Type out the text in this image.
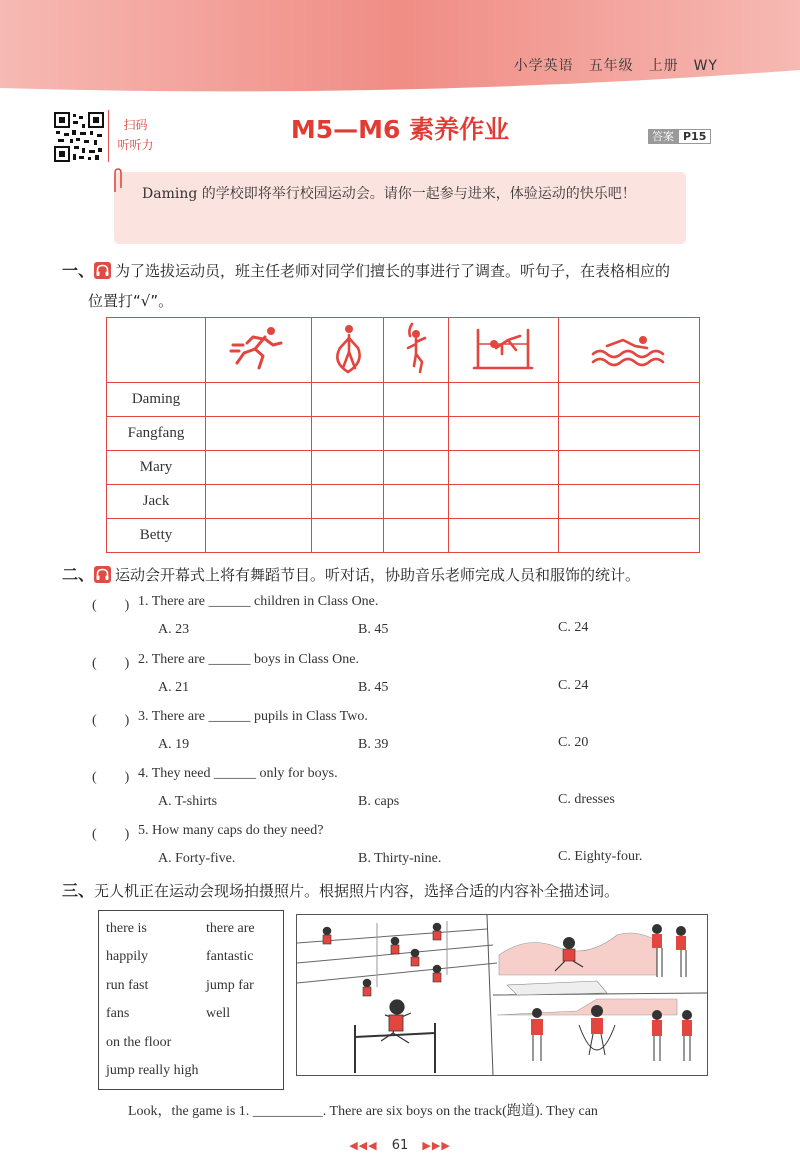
小学英语　五年级　上册　WY
扫码
听听力
M5—M6 素养作业	答案 P15
Daming 的学校即将举行校园运动会。请你一起参与进来，体验运动的快乐吧！
一、 为了选拔运动员，班主任老师对同学们擅长的事进行了调查。听句子，在表格相应的
位置打“√”。

Daming					
Fangfang					
Mary					
Jack					
Betty					
二、 运动会开幕式上将有舞蹈节目。听对话，协助音乐老师完成人员和服饰的统计。
(　　) 1. There are ______ children in Class One.
A. 23	B. 45	C. 24
(　　) 2. There are ______ boys in Class One.
A. 21	B. 45	C. 24
(　　) 3. There are ______ pupils in Class Two.
A. 19	B. 39	C. 20
(　　) 4. They need ______ only for boys.
A. T-shirts	B. caps	C. dresses
(　　) 5. How many caps do they need?
A. Forty-five.	B. Thirty-nine.	C. Eighty-four.
三、无人机正在运动会现场拍摄照片。根据照片内容，选择合适的内容补全描述词。
there is	there are
happily	fantastic
run fast	jump far
fans	well
on the floor
jump really high
Look，the game is 1. __________. There are six boys on the track(跑道). They can
◀◀◀ 61 ▶▶▶
